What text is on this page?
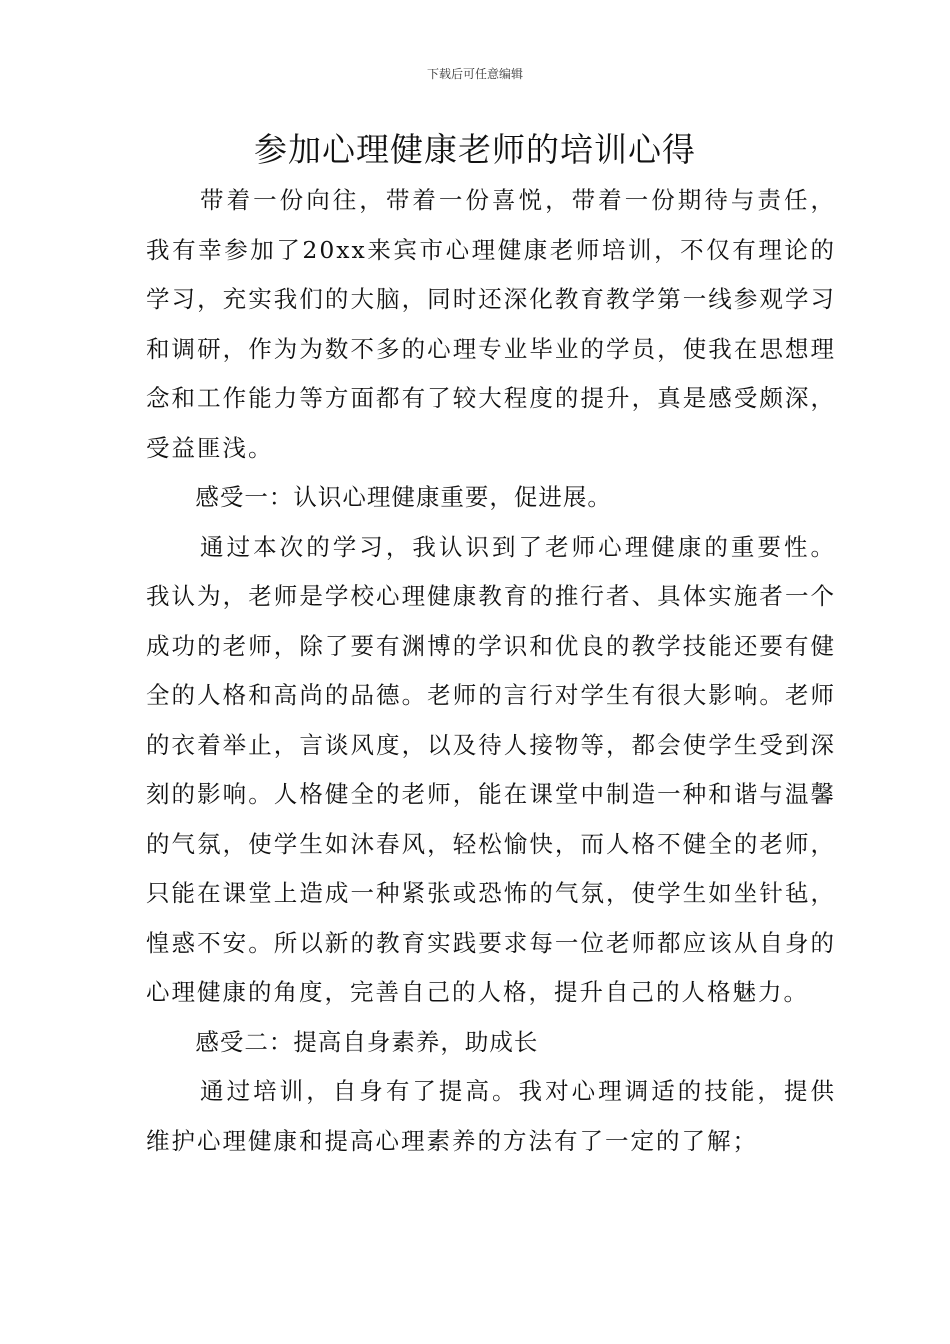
下载后可任意编辑
参加心理健康老师的培训心得

带着一份向往，带着一份喜悦，带着一份期待与责任，我有幸参加了20xx来宾市心理健康老师培训，不仅有理论的学习，充实我们的大脑，同时还深化教育教学第一线参观学习和调研，作为为数不多的心理专业毕业的学员，使我在思想理念和工作能力等方面都有了较大程度的提升，真是感受颇深，受益匪浅。

感受一：认识心理健康重要，促进展。

通过本次的学习，我认识到了老师心理健康的重要性。我认为，老师是学校心理健康教育的推行者、具体实施者一个成功的老师，除了要有渊博的学识和优良的教学技能还要有健全的人格和高尚的品德。老师的言行对学生有很大影响。老师的衣着举止，言谈风度，以及待人接物等，都会使学生受到深刻的影响。人格健全的老师，能在课堂中制造一种和谐与温馨的气氛，使学生如沐春风，轻松愉快，而人格不健全的老师，只能在课堂上造成一种紧张或恐怖的气氛，使学生如坐针毡，惶惑不安。所以新的教育实践要求每一位老师都应该从自身的心理健康的角度，完善自己的人格，提升自己的人格魅力。

感受二：提高自身素养，助成长

通过培训，自身有了提高。我对心理调适的技能，提供维护心理健康和提高心理素养的方法有了一定的了解；
